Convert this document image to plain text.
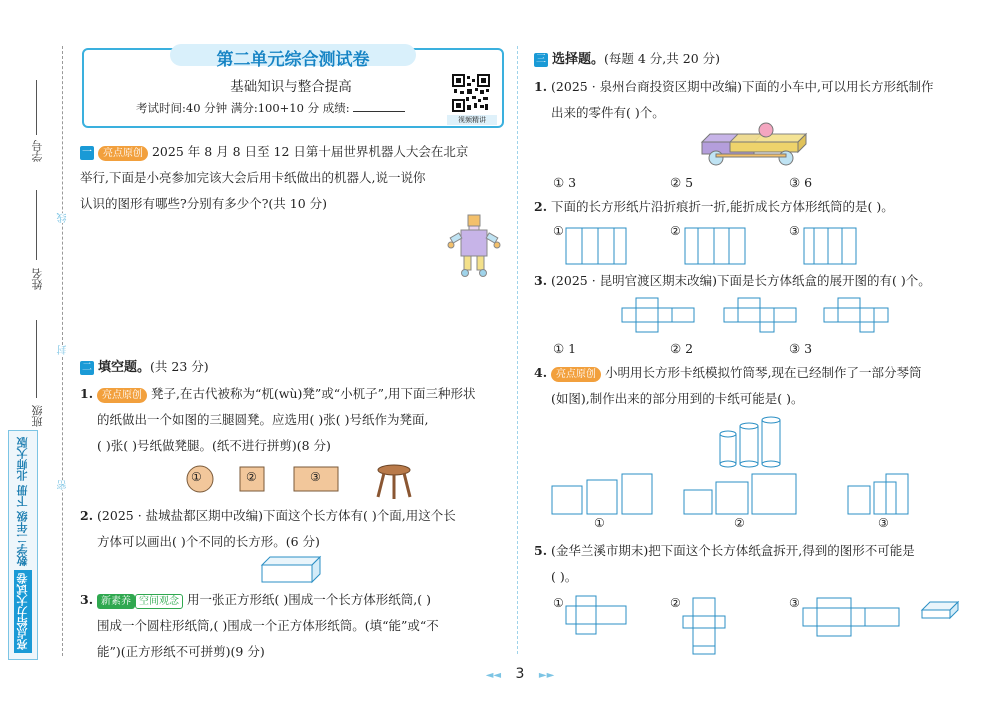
学号
姓名
班级
线
封
密
亮点给力大试卷
数学二年级 下册 北师大版
第二单元综合测试卷
基础知识与整合提高
考试时间:40 分钟 满分:100+10 分 成绩:
视频精讲
一 亮点原创 2025 年 8 月 8 日至 12 日第十届世界机器人大会在北京
举行,下面是小亮参加完该大会后用卡纸做出的机器人,说一说你
认识的图形有哪些?分别有多少个?(共 10 分)
二 填空题。(共 23 分)
1. 亮点原创 凳子,在古代被称为“杌(wù)凳”或“小杌子”,用下面三种形状
的纸做出一个如图的三腿圆凳。应选用( )张( )号纸作为凳面,
( )张( )号纸做凳腿。(纸不进行拼剪)(8 分)
①	②	③
2. (2025 · 盐城盐都区期中改编)下面这个长方体有( )个面,用这个长
方体可以画出( )个不同的长方形。(6 分)
3. 新素养 空间观念 用一张正方形纸( )围成一个长方体形纸筒,( )
围成一个圆柱形纸筒,( )围成一个正方体形纸筒。(填“能”或“不
能”)(正方形纸不可拼剪)(9 分)
三 选择题。(每题 4 分,共 20 分)
1. (2025 · 泉州台商投资区期中改编)下面的小车中,可以用长方形纸制作
出来的零件有( )个。
① 3	② 5	③ 6
2. 下面的长方形纸片沿折痕折一折,能折成长方体形纸筒的是( )。
①	②	③
3. (2025 · 昆明官渡区期末改编)下面是长方体纸盒的展开图的有( )个。
① 1	② 2	③ 3
4. 亮点原创 小明用长方形卡纸模拟竹筒琴,现在已经制作了一部分琴筒
(如图),制作出来的部分用到的卡纸可能是( )。
①	②	③
5. (金华兰溪市期末)把下面这个长方体纸盒拆开,得到的图形不可能是
( )。
①	②	③
◄◄ 3 ►►
